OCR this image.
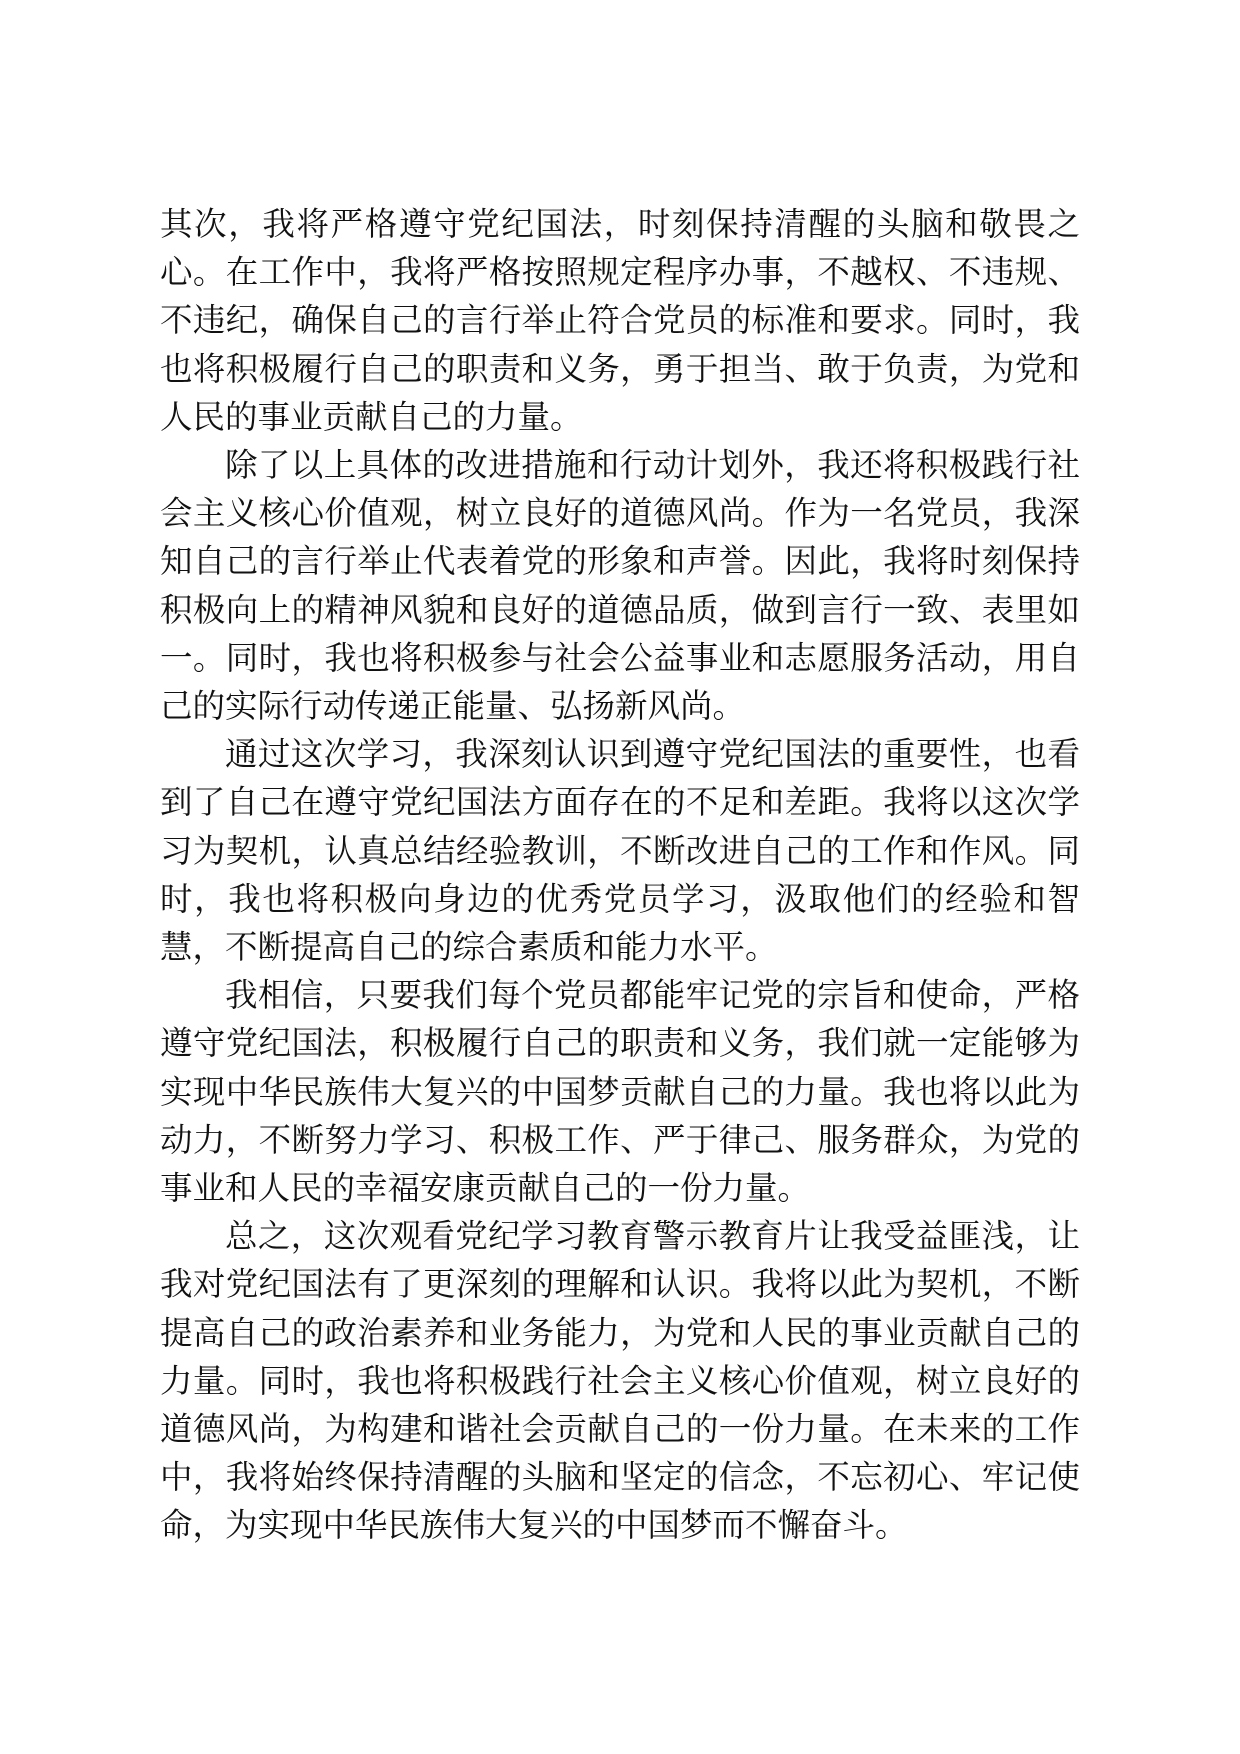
其次，我将严格遵守党纪国法，时刻保持清醒的头脑和敬畏之心。在工作中，我将严格按照规定程序办事，不越权、不违规、不违纪，确保自己的言行举止符合党员的标准和要求。同时，我也将积极履行自己的职责和义务，勇于担当、敢于负责，为党和人民的事业贡献自己的力量。

除了以上具体的改进措施和行动计划外，我还将积极践行社会主义核心价值观，树立良好的道德风尚。作为一名党员，我深知自己的言行举止代表着党的形象和声誉。因此，我将时刻保持积极向上的精神风貌和良好的道德品质，做到言行一致、表里如一。同时，我也将积极参与社会公益事业和志愿服务活动，用自己的实际行动传递正能量、弘扬新风尚。

通过这次学习，我深刻认识到遵守党纪国法的重要性，也看到了自己在遵守党纪国法方面存在的不足和差距。我将以这次学习为契机，认真总结经验教训，不断改进自己的工作和作风。同时，我也将积极向身边的优秀党员学习，汲取他们的经验和智慧，不断提高自己的综合素质和能力水平。

我相信，只要我们每个党员都能牢记党的宗旨和使命，严格遵守党纪国法，积极履行自己的职责和义务，我们就一定能够为实现中华民族伟大复兴的中国梦贡献自己的力量。我也将以此为动力，不断努力学习、积极工作、严于律己、服务群众，为党的事业和人民的幸福安康贡献自己的一份力量。

总之，这次观看党纪学习教育警示教育片让我受益匪浅，让我对党纪国法有了更深刻的理解和认识。我将以此为契机，不断提高自己的政治素养和业务能力，为党和人民的事业贡献自己的力量。同时，我也将积极践行社会主义核心价值观，树立良好的道德风尚，为构建和谐社会贡献自己的一份力量。在未来的工作中，我将始终保持清醒的头脑和坚定的信念，不忘初心、牢记使命，为实现中华民族伟大复兴的中国梦而不懈奋斗。
